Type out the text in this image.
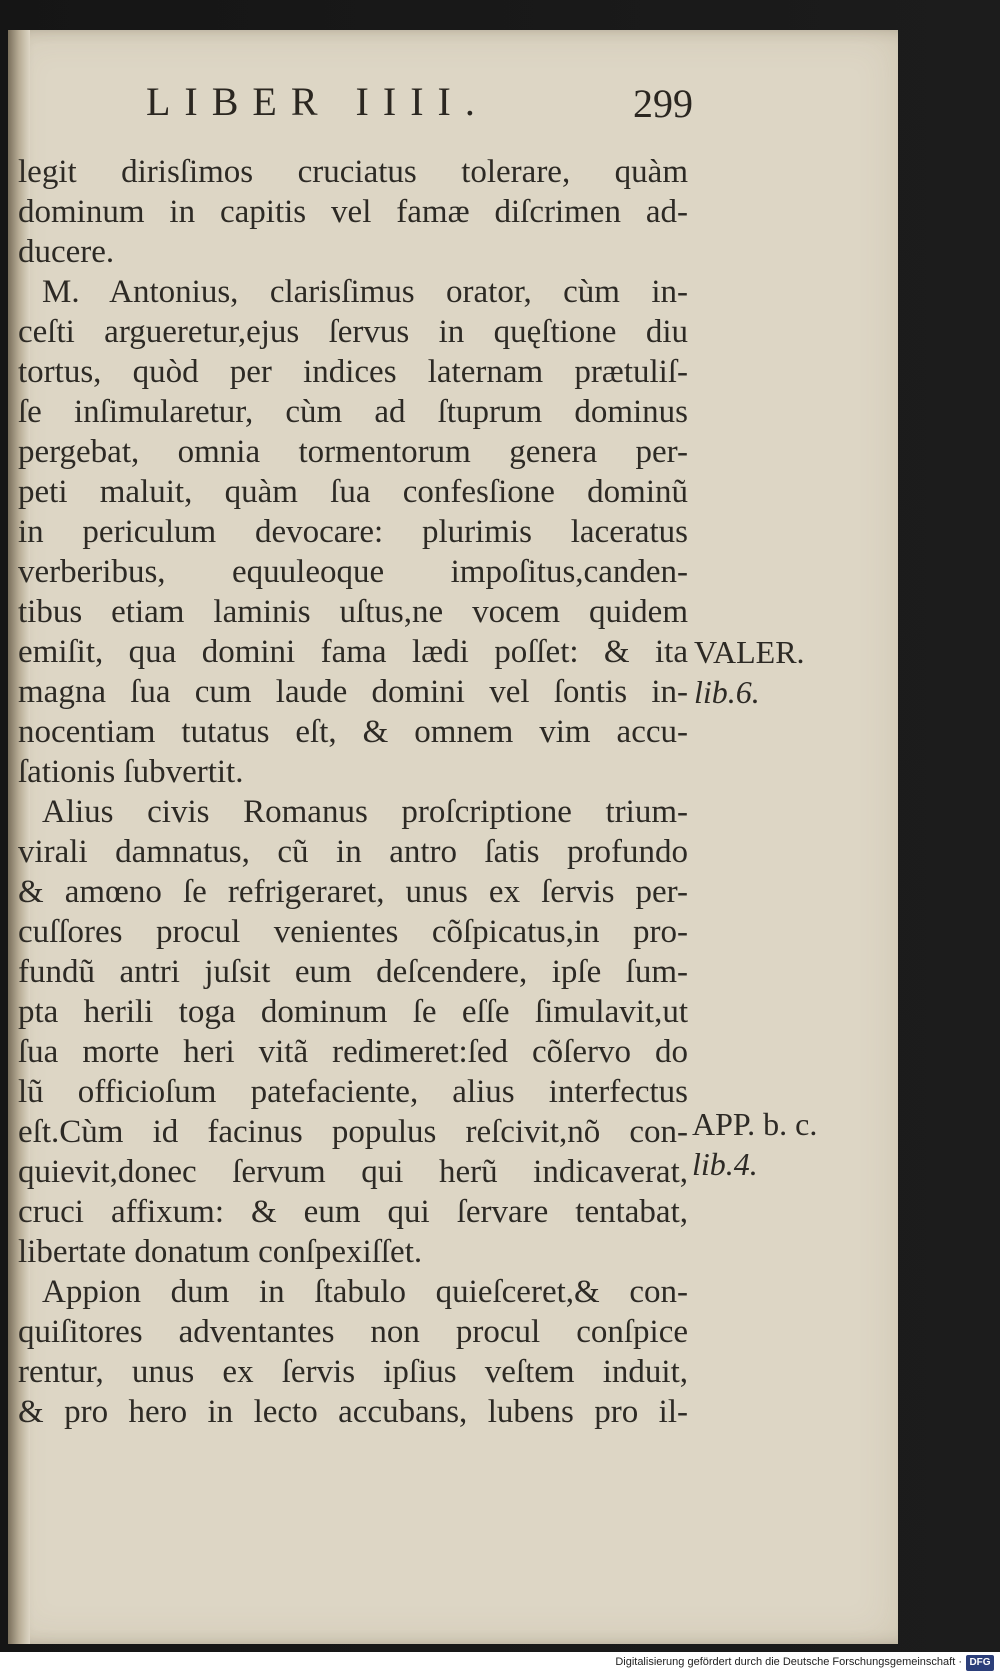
LIBER IIII.	299
legit dirisſimos cruciatus tolerare, quàm
dominum in capitis vel famæ diſcrimen ad-
ducere.
M. Antonius, clarisſimus orator, cùm in-
ceſti argueretur,ejus ſervus in quęſtione diu
tortus, quòd per indices laternam prætuliſ-
ſe inſimularetur, cùm ad ſtuprum dominus
pergebat, omnia tormentorum genera per-
peti maluit, quàm ſua confesſione dominũ
in periculum devocare: plurimis laceratus
verberibus, equuleoque impoſitus,canden-
tibus etiam laminis uſtus,ne vocem quidem
emiſit, qua domini fama lædi poſſet: & ita
magna ſua cum laude domini vel ſontis in-
nocentiam tutatus eſt, & omnem vim accu-
ſationis ſubvertit.
Alius civis Romanus proſcriptione trium-
virali damnatus, cũ in antro ſatis profundo
& amœno ſe refrigeraret, unus ex ſervis per-
cuſſores procul venientes cõſpicatus,in pro-
fundũ antri juſsit eum deſcendere, ipſe ſum-
pta herili toga dominum ſe eſſe ſimulavit,ut
ſua morte heri vitã redimeret:ſed cõſervo do
lũ officioſum patefaciente, alius interfectus
eſt.Cùm id facinus populus reſcivit,nõ con-
quievit,donec ſervum qui herũ indicaverat,
cruci affixum: & eum qui ſervare tentabat,
libertate donatum conſpexiſſet.
Appion dum in ſtabulo quieſceret,& con-
quiſitores adventantes non procul conſpice
rentur, unus ex ſervis ipſius veſtem induit,
& pro hero in lecto accubans, lubens pro il-
VALER.
lib.6.
APP. b. c.
lib.4.
Digitalisierung gefördert durch die Deutsche Forschungsgemeinschaft · DFG
